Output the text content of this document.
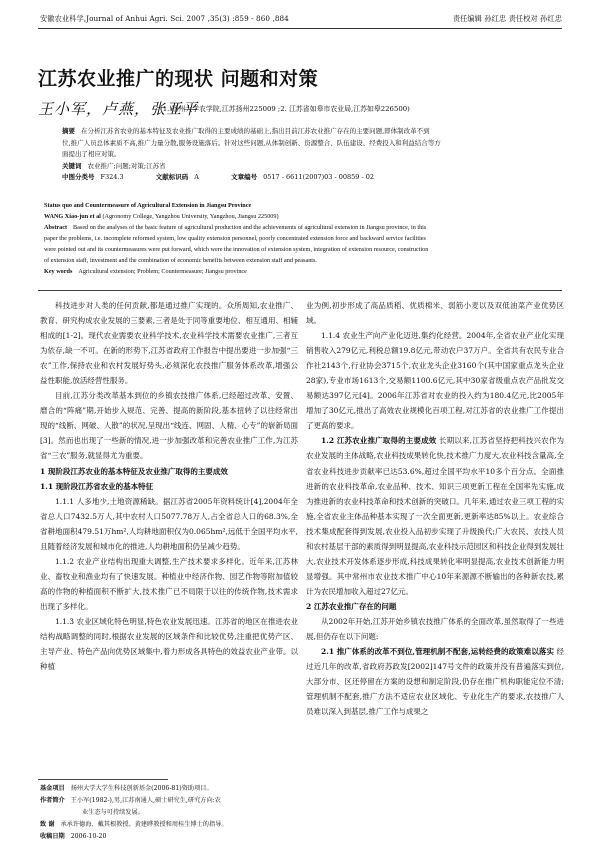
安徽农业科学,Journal of Anhui Agri. Sci. 2007 ,35(3) :859 - 860 ,884	责任编辑 孙红忠 责任校对 孙红忠
江苏农业推广的现状 问题和对策
王小军，卢燕，张亚平
(1. 扬州大学农学院,江苏扬州225009 ;2. 江苏省如皋市农业局,江苏如皋226500)
摘要 在分析江苏省农业的基本特征及农业推广取得的主要成绩的基础上,指出目前江苏农业推广存在的主要问题,即体制改革不到
位,推广人员总体素质不高,推广力量分散,服务设施落后。针对这些问题,从体制创新、资源整合、队伍建设、经费投入和利益结合等方
面提出了相应对策。
关键词 农业推广;问题;对策;江苏省
中图分类号 F324.3	文献标识码 A	文章编号 0517 - 6611(2007)03 - 00859 - 02
Status quo and Countermeasure of Agricultural Extension in Jiangsu Province
WANG Xiao-jun et al (Agronomy College, Yangzhou University, Yangzhou, Jiangsu 225009)
Abstract Based on the analyses of the basic feature of agricultural production and the achievements of agricultural extension in Jiangsu province, in this
paper the problems, i.e. incomplete reformed system, low quality extension personnel, poorly concentrated extension force and backward service facilities
were pointed out and its countermeasures were put forward, which were the innovation of extension system, integration of extension resource, construction
of extension staff, investment and the combination of economic benefits between extension staff and peasants.
Key words Agricultural extension; Problem; Countermeasure; Jiangsu province

科技进步对人类的任何贡献,都是通过推广实现的。众所周知,农业推广、教育、研究构成农业发展的三要素,三者是处于同等重要地位、相互通用、相辅相成的[1-2]。现代农业需要农业科学技术,农业科学技术需要农业推广,三者互为依存,缺一不可。在新的形势下,江苏省政府工作报告中提出要进一步加强“三农”工作,保持农业和农村发展好势头,必须深化农技推广服务体系改革,增强公益性职能,放活经营性服务。

目前,江苏分类改革基本到位的乡镇农技推广体系,已经超过改革、安置、磨合的“阵痛”期,开始步入规范、完善、提高的新阶段,基本扭转了以往经常出现的“线断、网破、人散”的状况,呈现出“线连、网固、人精、心专”的崭新局面[3]。然而也出现了一些新的情况,进一步加强改革和完善农业推广工作,为江苏省“三农”服务,就显得尤为重要。

1 现阶段江苏农业的基本特征及农业推广取得的主要成效

1.1 现阶段江苏省农业的基本特征

1.1.1 人多地少,土地资源稀缺。据江苏省2005年资料统计[4],2004年全省总人口7432.5万人,其中农村人口5077.78万人,占全省总人口的68.3%,全省耕地面积479.51万hm²,人均耕地面积仅为0.065hm²,远低于全国平均水平,且随着经济发展和城市化的推进,人均耕地面积仍呈减少趋势。

1.1.2 农业产业结构出现重大调整,生产技术要求多样化。近年来,江苏林业、畜牧业和渔业均有了快速发展。种植业中经济作物、园艺作物等附加值较高的作物的种植面积不断扩大,技术推广已不局限于以往的传统作物,技术需求出现了多样化。

1.1.3 农业区域化特色明显,特色农业发展迅速。江苏省的地区在推进农业结构战略调整的同时,根据农业发展的区域条件和比较优势,注重把优势产区、主导产业、特色产品向优势区域集中,着力形成各具特色的效益农业产业带。以种植

业为例,初步形成了高品质稻、优质棉米、弱筋小麦以及双低油菜产业优势区域。

1.1.4 农业生产向产业化迈进,集约化经营。2004年,全省农业产业化实现销售收入279亿元,利税总额19.8亿元,带动农户37万户。全省共有农民专业合作社2143个,行业协会3715个,农业龙头企业3160个(其中国家重点龙头企业28家),专业市场1613个,交易额1100.6亿元,其中30家省级重点农产品批发交易额达397亿元[4]。2006年江苏省对农业的投入约为180.4亿元,比2005年增加了30亿元,推出了高效农业规模化百项工程,对江苏省的农业推广工作提出了更高的要求。

1.2 江苏农业推广取得的主要成效 长期以来,江苏省坚持把科技兴农作为农业发展的主体战略,农业科技成果转化快,技术推广力度大,农业科技含量高,全省农业科技进步贡献率已达53.6%,超过全国平均水平10多个百分点。全面推进新的农业科技革命,农业品种、技术、知识三项更新工程在全国率先实施,成为推进新的农业科技革命和技术创新的突破口。几年来,通过农业三项工程的实施,全省农业主体品种基本实现了一次全面更新,更新率达85%以上。农业综合技术集成配套得到发展,农业投入品初步实现了升级换代;广大农民、农技人员和农村基层干部的素质得到明显提高,农业科技示范园区和科技企业得到发展壮大,农业技术开发体系逐步形成,科技成果转化率明显提高,农业技术创新能力明显增强。其中常州市农业技术推广中心10年来源源不断输出的各种新农技,累计为农民增加收入超过27亿元。

2 江苏农业推广存在的问题

从2002年开始,江苏开始乡镇农技推广体系的全面改革,虽然取得了一些进展,但仍存在以下问题:

2.1 推广体系的改革不到位,管理机制不配套,运转经费的政策难以落实 经过近几年的改革,省政府苏政发[2002]147号文件的政策并没有普遍落实到位,大部分市、区还停留在方案的设想和制定阶段,仍存在推广机构职能定位不清;管理机制不配套,推广方法不适应农业区域化、专业化生产的要求,农技推广人员难以深入到基层,推广工作与成果之

基金项目 扬州大学大学生科技创新基金(2006-81)资助项目。
作者简介 王小军(1982-),男,江苏南通人,硕士研究生,研究方向:农
业生态与可持续发展。
致 谢 承承许德海、戴其根教授、黄建晔教授和周桂生博士的指导。
收稿日期 2006-10-20
